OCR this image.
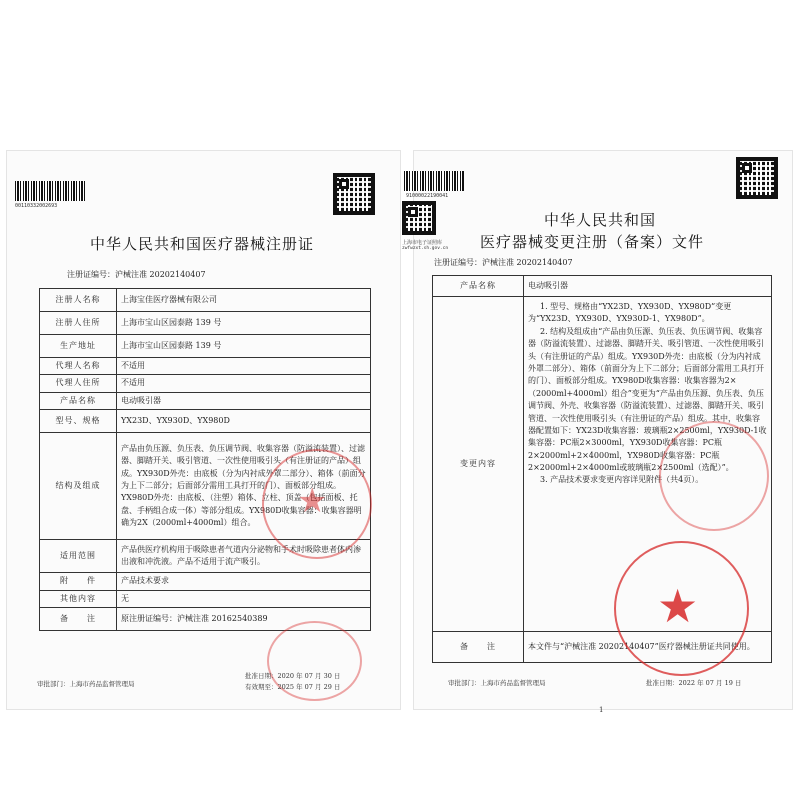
00110332002693
中华人民共和国医疗器械注册证
注册证编号：沪械注准 20202140407
注册人名称	上海宝佳医疗器械有限公司
注册人住所	上海市宝山区园泰路 139 号
生产地址	上海市宝山区园泰路 139 号
代理人名称	不适用
代理人住所	不适用
产品名称	电动吸引器
型号、规格	YX23D、YX930D、YX980D
结构及组成	产品由负压源、负压表、负压调节阀、收集容器（防溢流装置）、过滤器、脚踏开关、吸引管道、一次性使用吸引头（有注册证的产品）组成。YX930D外壳：由底板（分为内衬成外罩二部分）、箱体（前面分为上下二部分；后面部分需用工具打开的门）、面板部分组成。YX980D外壳：由底板、（注塑）箱体、立柱、顶盖（包括面板、托盘、手柄组合成一体）等部分组成。YX980D收集容器：收集容器明确为2X（2000ml+4000ml）组合。
适用范围	产品供医疗机构用于吸除患者气道内分泌物和手术时吸除患者体内渗出液和冲洗液。产品不适用于流产吸引。
附　　件	产品技术要求
其他内容	无
备　　注	原注册证编号：沪械注准 20162540389
★
审批部门：上海市药品监督管理局
批准日期：2020 年 07 月 30 日
有效期至：2025 年 07 月 29 日
91000022190041
上海市电子证照库
zwfwzxt.sh.gov.cn
中华人民共和国
医疗器械变更注册（备案）文件
注册证编号：沪械注准 20202140407
产品名称	电动吸引器
变更内容	1. 型号、规格由“YX23D、YX930D、YX980D”变更为“YX23D、YX930D、YX930D-1、YX980D”。
2. 结构及组成由“产品由负压源、负压表、负压调节阀、收集容器（防溢流装置）、过滤器、脚踏开关、吸引管道、一次性使用吸引头（有注册证的产品）组成。YX930D外壳：由底板（分为内衬成外罩二部分）、箱体（前面分为上下二部分；后面部分需用工具打开的门）、面板部分组成。YX980D收集容器：收集容器为2×（2000ml+4000ml）组合”变更为“产品由负压源、负压表、负压调节阀、外壳、收集容器（防溢流装置）、过滤器、脚踏开关、吸引管道、一次性使用吸引头（有注册证的产品）组成。其中，收集容器配置如下：YX23D收集容器：玻璃瓶2×2500ml，YX930D-1收集容器：PC瓶2×3000ml，YX930D收集容器：PC瓶2×2000ml+2×4000ml，YX980D收集容器：PC瓶2×2000ml+2×4000ml或玻璃瓶2×2500ml（选配）”。
3. 产品技术要求变更内容详见附件（共4页）。

备　　注	本文件与“沪械注准 20202140407”医疗器械注册证共同使用。
★
审批部门：上海市药品监督管理局	批准日期：2022 年 07 月 19 日
1
